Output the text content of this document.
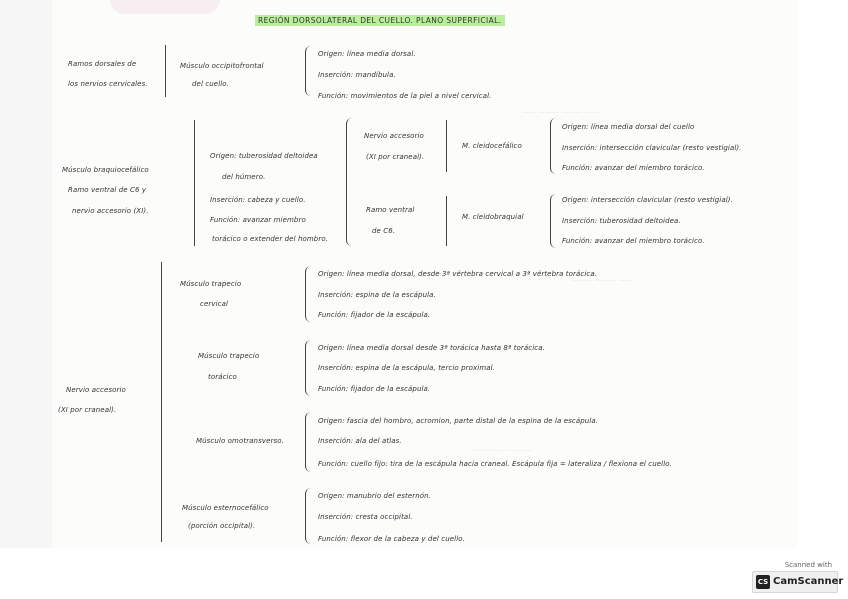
—— ——— ——— ——
——— ——— ——
—— ——— ———
REGIÓN DORSOLATERAL DEL CUELLO. PLANO SUPERFICIAL.
Ramos dorsales de
los nervios cervicales.
Músculo occipitofrontal
del cuello.
Origen: línea media dorsal.
Inserción: mandíbula.
Función: movimientos de la piel a nivel cervical.
Músculo braquiocefálico
Ramo ventral de C6 y
nervio accesorio (XI).
Origen: tuberosidad deltoidea
del húmero.
Inserción: cabeza y cuello.
Función: avanzar miembro
torácico o extender del hombro.
Nervio accesorio
(XI por craneal).
Ramo ventral
de C6.
M. cleidocefálico
M. cleidobraquial
Origen: línea media dorsal del cuello
Inserción: intersección clavicular (resto vestigial).
Función: avanzar del miembro torácico.
Origen: intersección clavicular (resto vestigial).
Inserción: tuberosidad deltoidea.
Función: avanzar del miembro torácico.
Nervio accesorio
(XI por craneal).
Músculo trapecio
cervical
Origen: línea media dorsal, desde 3ª vértebra cervical a 3ª vértebra torácica.
Inserción: espina de la escápula.
Función: fijador de la escápula.
Músculo trapecio
torácico
Origen: línea media dorsal desde 3ª torácica hasta 8ª torácica.
Inserción: espina de la escápula, tercio proximal.
Función: fijador de la escápula.
Músculo omotransverso.
Origen: fascia del hombro, acromion, parte distal de la espina de la escápula.
Inserción: ala del atlas.
Función: cuello fijo: tira de la escápula hacia craneal. Escápula fija = lateraliza / flexiona el cuello.
Músculo esternocefálico
(porción occipital).
Origen: manubrio del esternón.
Inserción: cresta occipital.
Función: flexor de la cabeza y del cuello.
Scanned with
CS CamScanner
